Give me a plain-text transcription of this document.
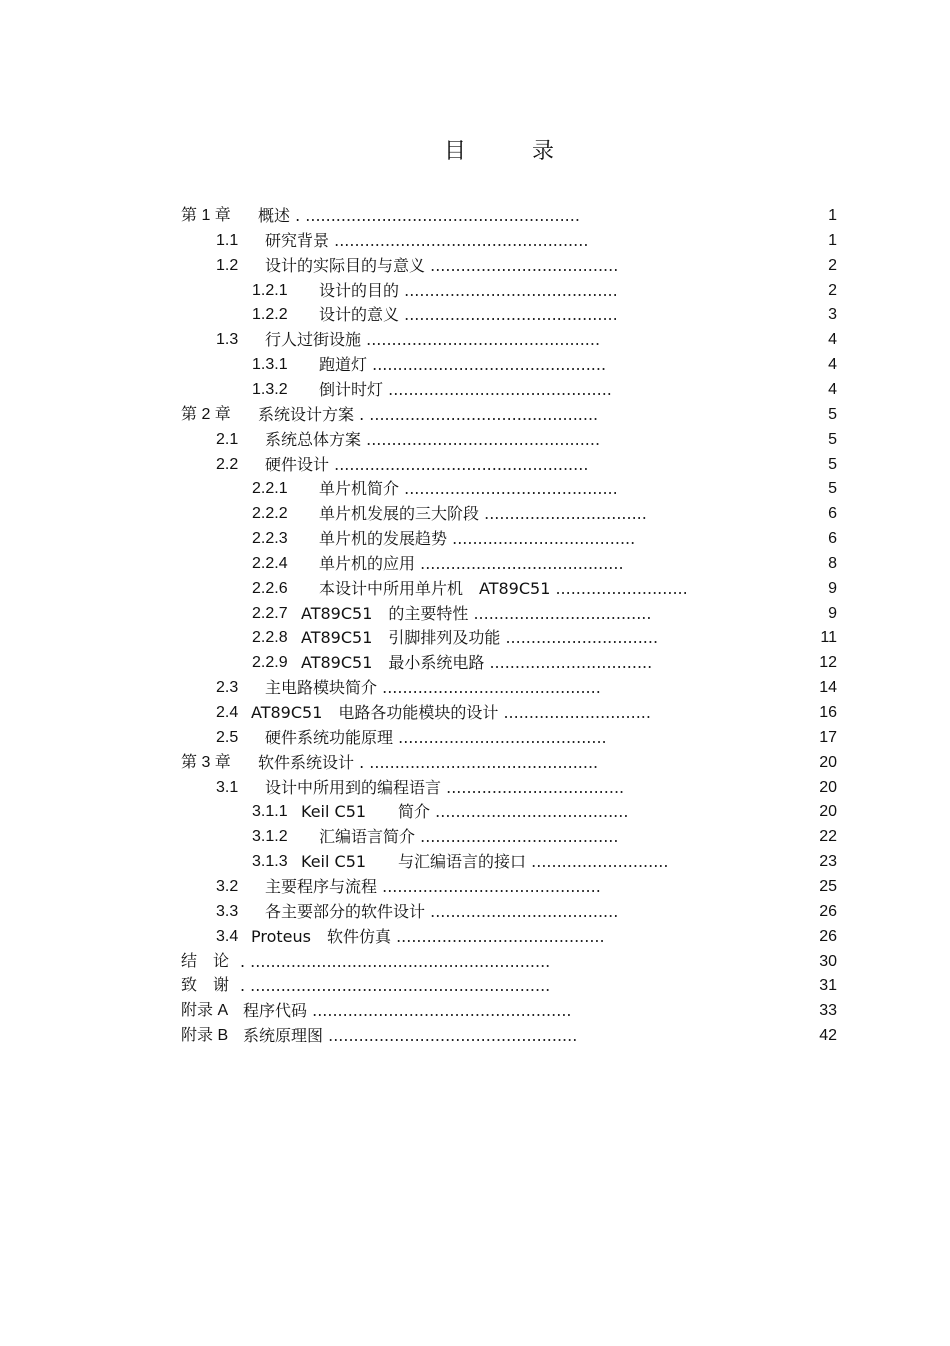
目　录
第 1 章 概述 . ......................................................	1
1.1 研究背景 ..................................................	1
1.2 设计的实际目的与意义 .....................................	2
1.2.1 设计的目的 ..........................................	2
1.2.2 设计的意义 ..........................................	3
1.3 行人过街设施 ..............................................	4
1.3.1 跑道灯 ..............................................	4
1.3.2 倒计时灯 ............................................	4
第 2 章 系统设计方案 . .............................................	5
2.1 系统总体方案 ..............................................	5
2.2 硬件设计 ..................................................	5
2.2.1 单片机简介 ..........................................	5
2.2.2 单片机发展的三大阶段 ................................	6
2.2.3 单片机的发展趋势 ....................................	6
2.2.4 单片机的应用 ........................................	8
2.2.6 本设计中所用单片机　AT89C51 ..........................	9
2.2.7 AT89C51　的主要特性 ...................................	9
2.2.8 AT89C51　引脚排列及功能 ..............................	11
2.2.9 AT89C51　最小系统电路 ................................	12
2.3 主电路模块简介 ...........................................	14
2.4 AT89C51　电路各功能模块的设计 .............................	16
2.5 硬件系统功能原理 .........................................	17
第 3 章 软件系统设计 . .............................................	20
3.1 设计中所用到的编程语言 ...................................	20
3.1.1 Keil C51　　简介 ......................................	20
3.1.2 汇编语言简介 .......................................	22
3.1.3 Keil C51　　与汇编语言的接口 ...........................	23
3.2 主要程序与流程 ...........................................	25
3.3 各主要部分的软件设计 .....................................	26
3.4 Proteus　软件仿真 .........................................	26
结　论 . ...........................................................	30
致　谢 . ...........................................................	31
附录 A 程序代码 ...................................................	33
附录 B 系统原理图 .................................................	42
